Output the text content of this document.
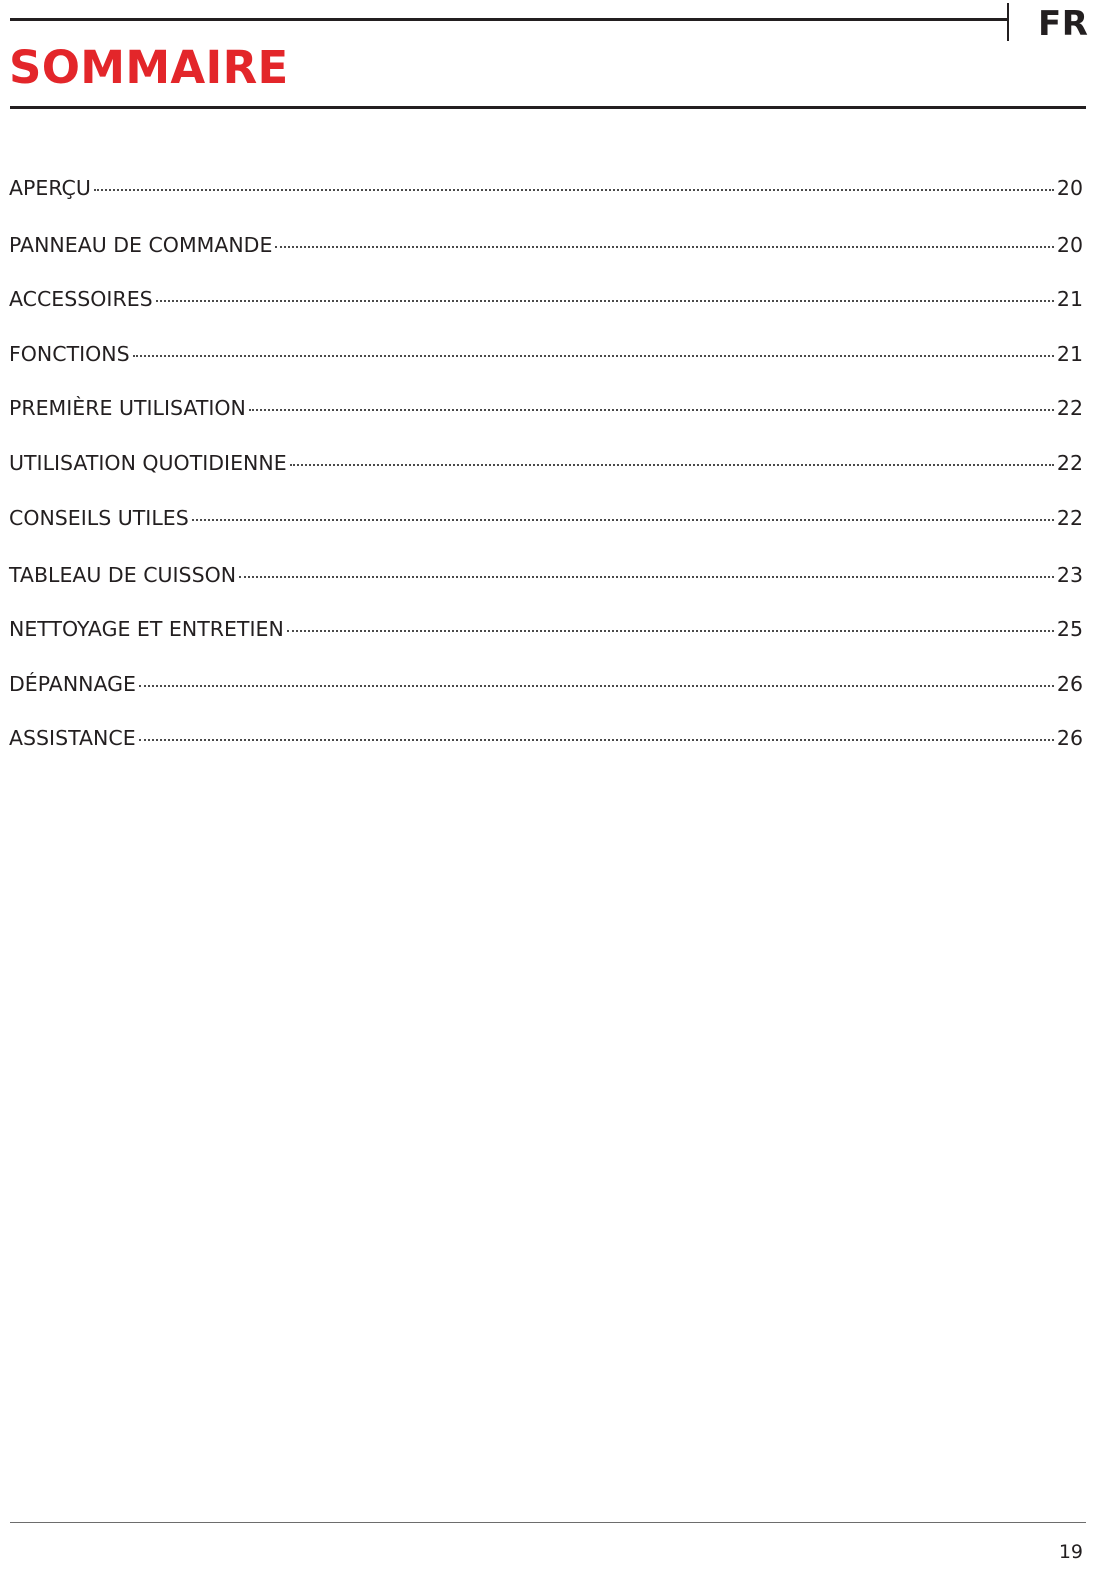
FR
SOMMAIRE
APERÇU	20
PANNEAU DE COMMANDE	20
ACCESSOIRES	21
FONCTIONS	21
PREMIÈRE UTILISATION	22
UTILISATION QUOTIDIENNE	22
CONSEILS UTILES	22
TABLEAU DE CUISSON	23
NETTOYAGE ET ENTRETIEN	25
DÉPANNAGE	26
ASSISTANCE	26
19
